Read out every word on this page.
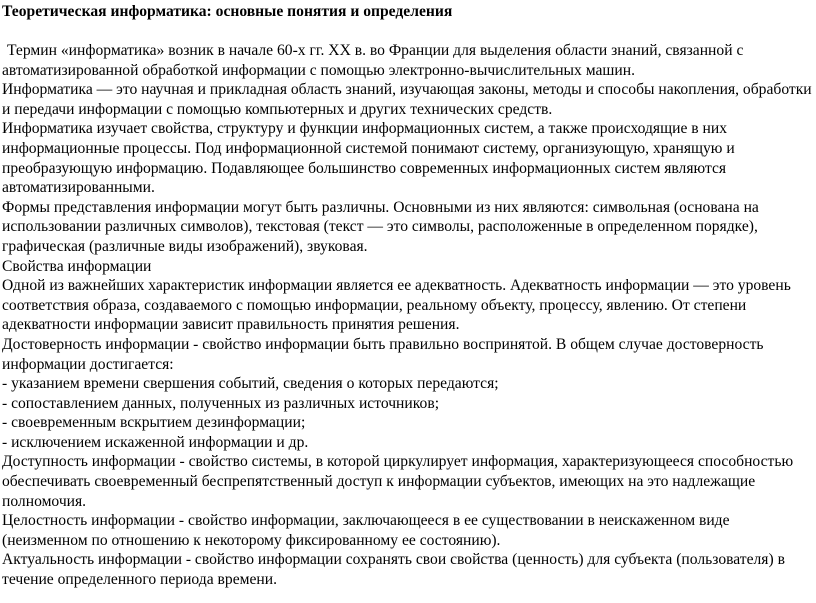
Теоретическая информатика: основные понятия и определения

Термин «информатика» возник в начале 60-х гг. XX в. во Франции для выделения области знаний, связанной с автоматизированной обработкой информации с помощью электронно-вычислительных машин.

Информатика — это научная и прикладная область знаний, изучающая законы, методы и способы накопления, обработки и передачи информации с помощью компьютерных и других технических средств.

Информатика изучает свойства, структуру и функции информационных систем, а также происходящие в них информационные процессы. Под информационной системой понимают систему, организующую, хранящую и преобразующую информацию. Подавляющее большинство современных информационных систем являются автоматизированными.

Формы представления информации могут быть различны. Основными из них являются: символьная (основана на использовании различных символов), текстовая (текст — это символы, расположенные в определенном порядке), графическая (различные виды изображений), звуковая.

Свойства информации

Одной из важнейших характеристик информации является ее адекватность. Адекватность информации — это уровень соответствия образа, создаваемого с помощью информации, реальному объекту, процессу, явлению. От степени адекватности информации зависит правильность принятия решения.

Достоверность информации - свойство информации быть правильно воспринятой. В общем случае достоверность информации достигается:

- указанием времени свершения событий, сведения о которых передаются;

- сопоставлением данных, полученных из различных источников;

- своевременным вскрытием дезинформации;

- исключением искаженной информации и др.

Доступность информации - свойство системы, в которой циркулирует информация, характеризующееся способностью обеспечивать своевременный беспрепятственный доступ к информации субъектов, имеющих на это надлежащие полномочия.

Целостность информации - свойство информации, заключающееся в ее существовании в неискаженном виде (неизменном по отношению к некоторому фиксированному ее состоянию).

Актуальность информации - свойство информации сохранять свои свойства (ценность) для субъекта (пользователя) в течение определенного периода времени.
